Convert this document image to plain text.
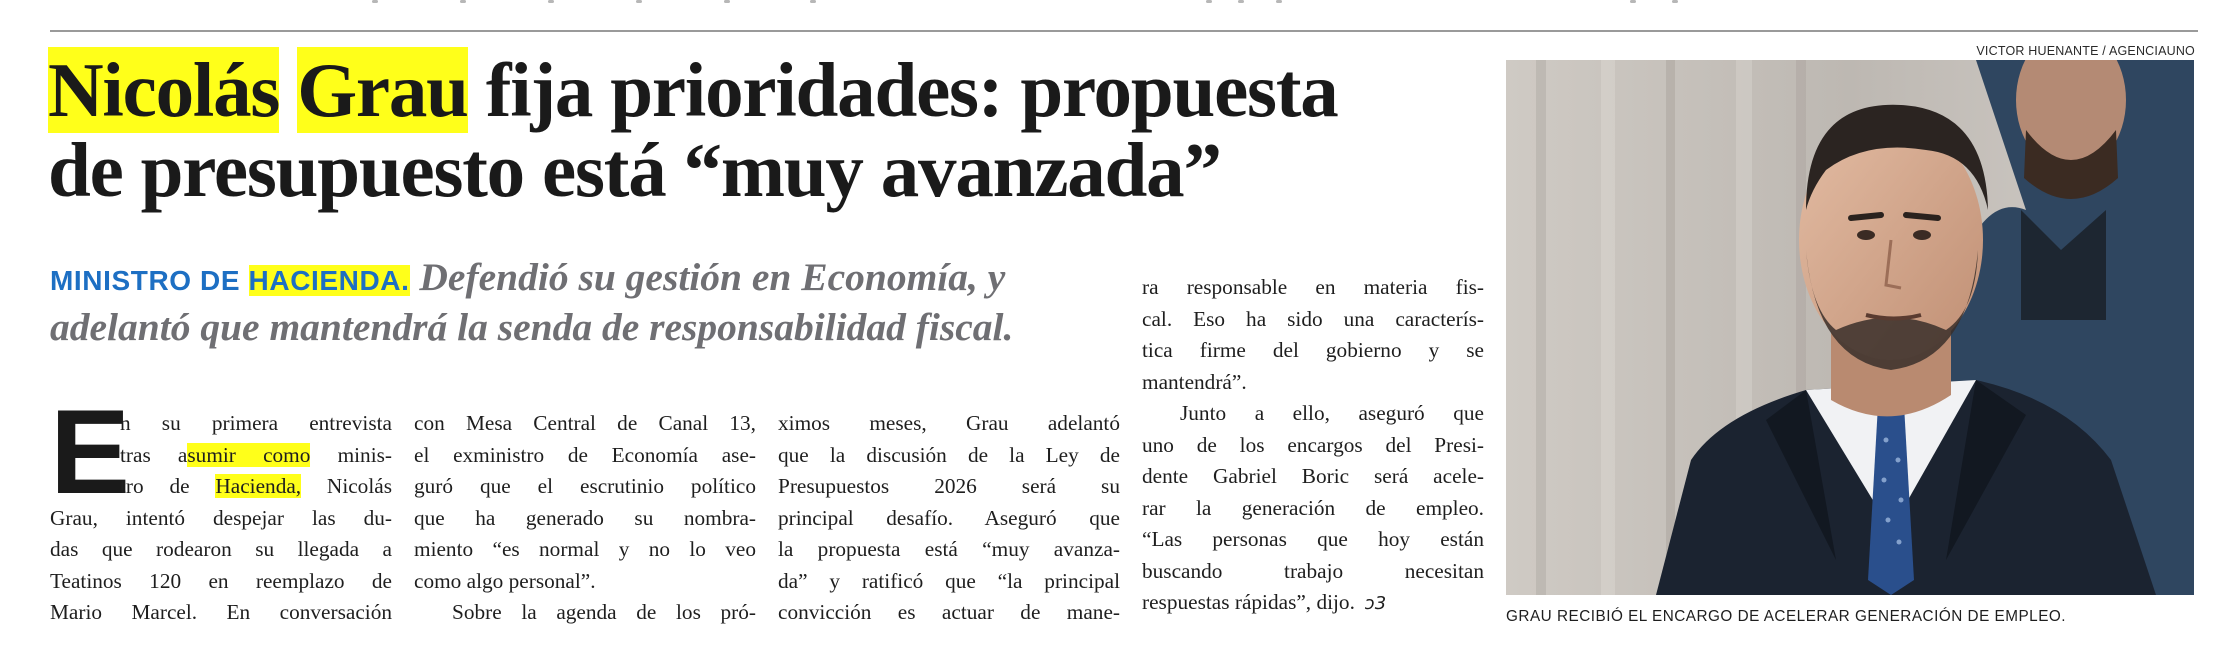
VICTOR HUENANTE / AGENCIAUNO
Nicolás Grau fija prioridades: propuesta
de presupuesto está “muy avanzada”
MINISTRO DE HACIENDA. Defendió su gestión en Economía, y
adelantó que mantendrá la senda de responsabilidad fiscal.
E
n su primera entrevista
tras asumir como minis-
tro de Hacienda, Nicolás
Grau, intentó despejar las du-
das que rodearon su llegada a
Teatinos 120 en reemplazo de
Mario Marcel. En conversación
con Mesa Central de Canal 13,
el exministro de Economía ase-
guró que el escrutinio político
que ha generado su nombra-
miento “es normal y no lo veo
como algo personal”.
Sobre la agenda de los pró-
ximos meses, Grau adelantó
que la discusión de la Ley de
Presupuestos 2026 será su
principal desafío. Aseguró que
la propuesta está “muy avanza-
da” y ratificó que “la principal
convicción es actuar de mane-
ra responsable en materia fis-
cal. Eso ha sido una caracterís-
tica firme del gobierno y se
mantendrá”.
Junto a ello, aseguró que
uno de los encargos del Presi-
dente Gabriel Boric será acele-
rar la generación de empleo.
“Las personas que hoy están
buscando trabajo necesitan
respuestas rápidas”, dijo. ↄ3
GRAU RECIBIÓ EL ENCARGO DE ACELERAR GENERACIÓN DE EMPLEO.
